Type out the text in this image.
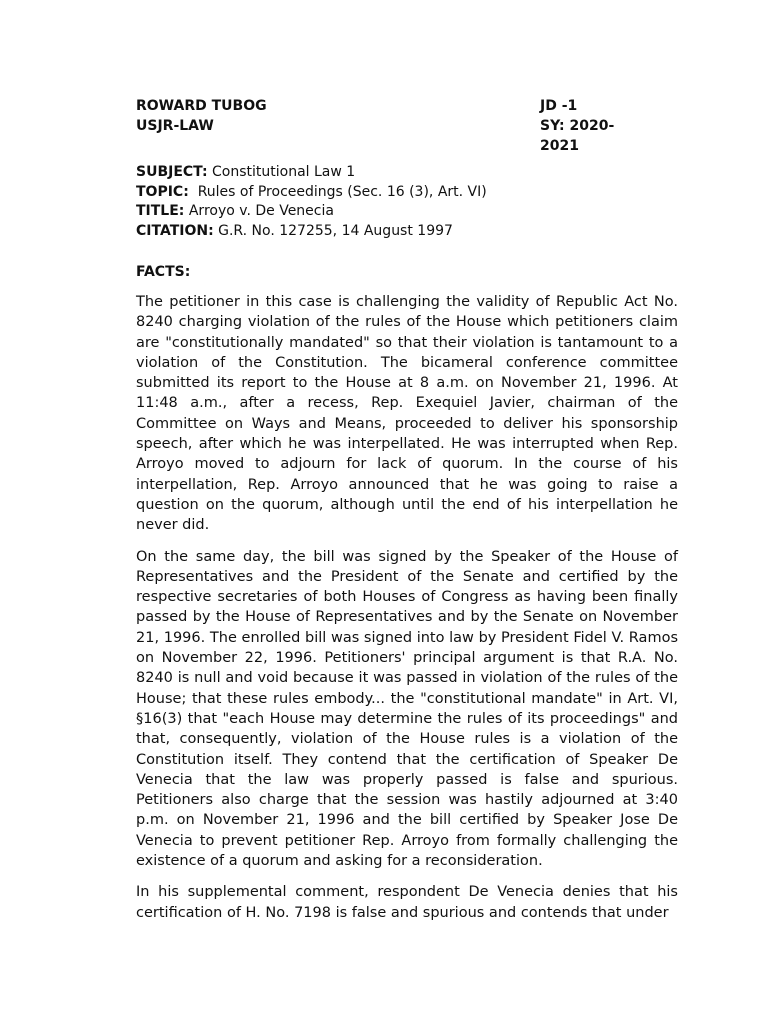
ROWARD TUBOG	JD -1
USJR-LAW	SY: 2020-2021
SUBJECT: Constitutional Law 1
TOPIC:  Rules of Proceedings (Sec. 16 (3), Art. VI)
TITLE: Arroyo v. De Venecia
CITATION: G.R. No. 127255, 14 August 1997
FACTS:

The petitioner in this case is challenging the validity of Republic Act No. 8240 charging violation of the rules of the House which petitioners claim are "constitutionally mandated" so that their violation is tantamount to a violation of the Constitution. The bicameral conference committee submitted its report to the House at 8 a.m. on November 21, 1996. At 11:48 a.m., after a recess, Rep. Exequiel Javier, chairman of the Committee on Ways and Means, proceeded to deliver his sponsorship speech, after which he was interpellated. He was interrupted when Rep. Arroyo moved to adjourn for lack of quorum. In the course of his interpellation, Rep. Arroyo announced that he was going to raise a question on the quorum, although until the end of his interpellation he never did.

On the same day, the bill was signed by the Speaker of the House of Representatives and the President of the Senate and certified by the respective secretaries of both Houses of Congress as having been finally passed by the House of Representatives and by the Senate on November 21, 1996. The enrolled bill was signed into law by President Fidel V. Ramos on November 22, 1996. Petitioners' principal argument is that R.A. No. 8240 is null and void because it was passed in violation of the rules of the House; that these rules embody... the "constitutional mandate" in Art. VI, §16(3) that "each House may determine the rules of its proceedings" and that, consequently, violation of the House rules is a violation of the Constitution itself. They contend that the certification of Speaker De Venecia that the law was properly passed is false and spurious. Petitioners also charge that the session was hastily adjourned at 3:40 p.m. on November 21, 1996 and the bill certified by Speaker Jose De Venecia to prevent petitioner Rep. Arroyo from formally challenging the existence of a quorum and asking for a reconsideration.

In his supplemental comment, respondent De Venecia denies that his certification of H. No. 7198 is false and spurious and contends that under
